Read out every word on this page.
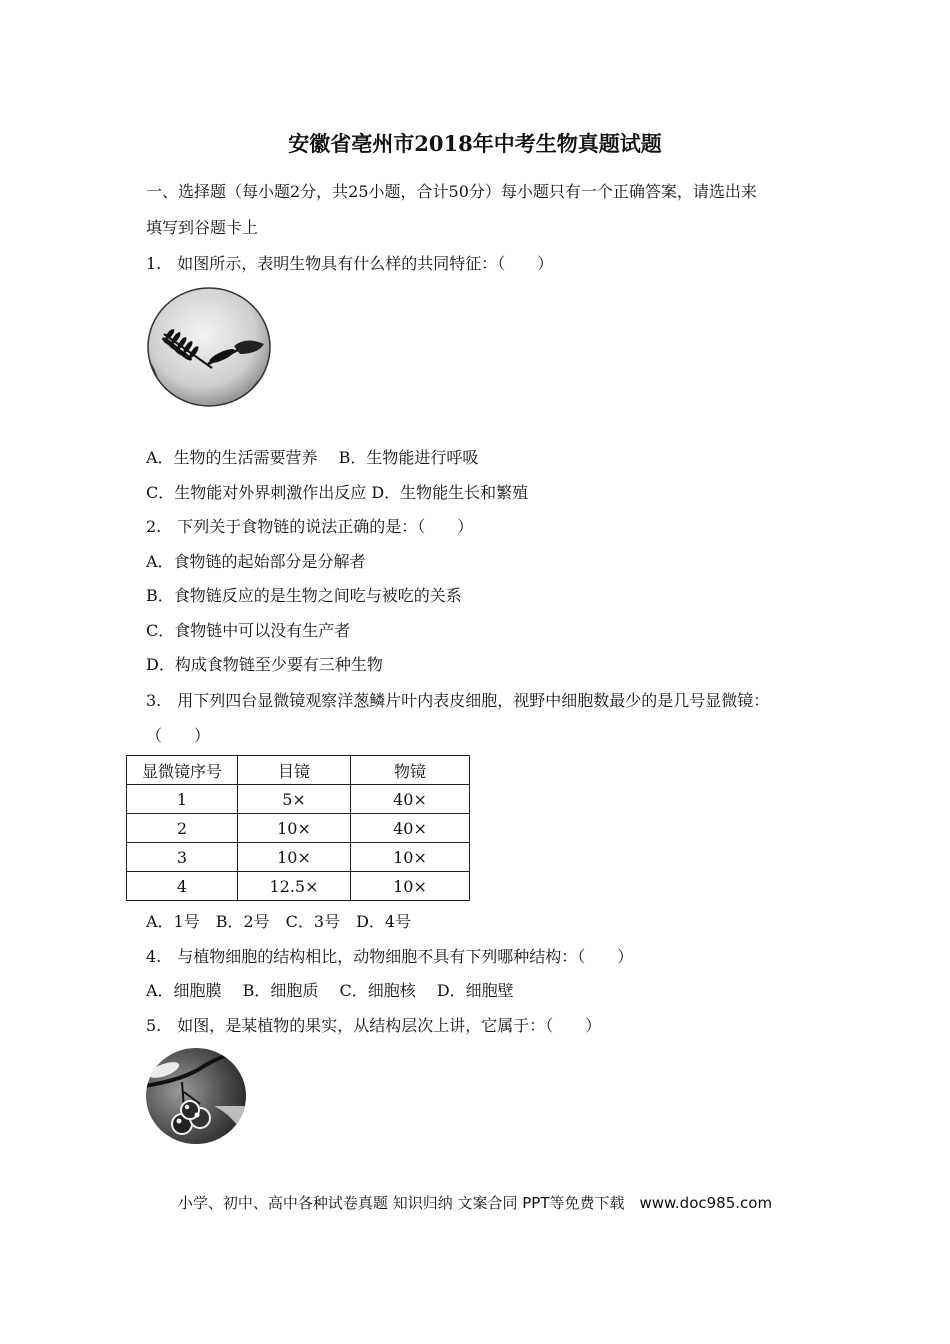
安徽省亳州市2018年中考生物真题试题
一、选择题（每小题2分，共25小题，合计50分）每小题只有一个正确答案，请选出来
填写到谷题卡上
1.　如图所示，表明生物具有什么样的共同特征：（　　）
A．生物的生活需要营养　 B．生物能进行呼吸
C．生物能对外界刺激作出反应 D．生物能生长和繁殖
2.　下列关于食物链的说法正确的是：（　　）
A．食物链的起始部分是分解者
B．食物链反应的是生物之间吃与被吃的关系
C．食物链中可以没有生产者
D．构成食物链至少要有三种生物
3.　用下列四台显微镜观察洋葱鳞片叶内表皮细胞，视野中细胞数最少的是几号显微镜：
（　　）
显微镜序号	目镜	物镜
1	5×	40×
2	10×	40×
3	10×	10×
4	12.5×	10×
A．1号　B．2号　C．3号　D．4号
4.　与植物细胞的结构相比，动物细胞不具有下列哪种结构：（　　）
A．细胞膜　 B．细胞质　 C．细胞核　 D．细胞壁
5.　如图，是某植物的果实，从结构层次上讲，它属于：（　　）
小学、初中、高中各种试卷真题 知识归纳 文案合同 PPT等免费下载　www.doc985.com
